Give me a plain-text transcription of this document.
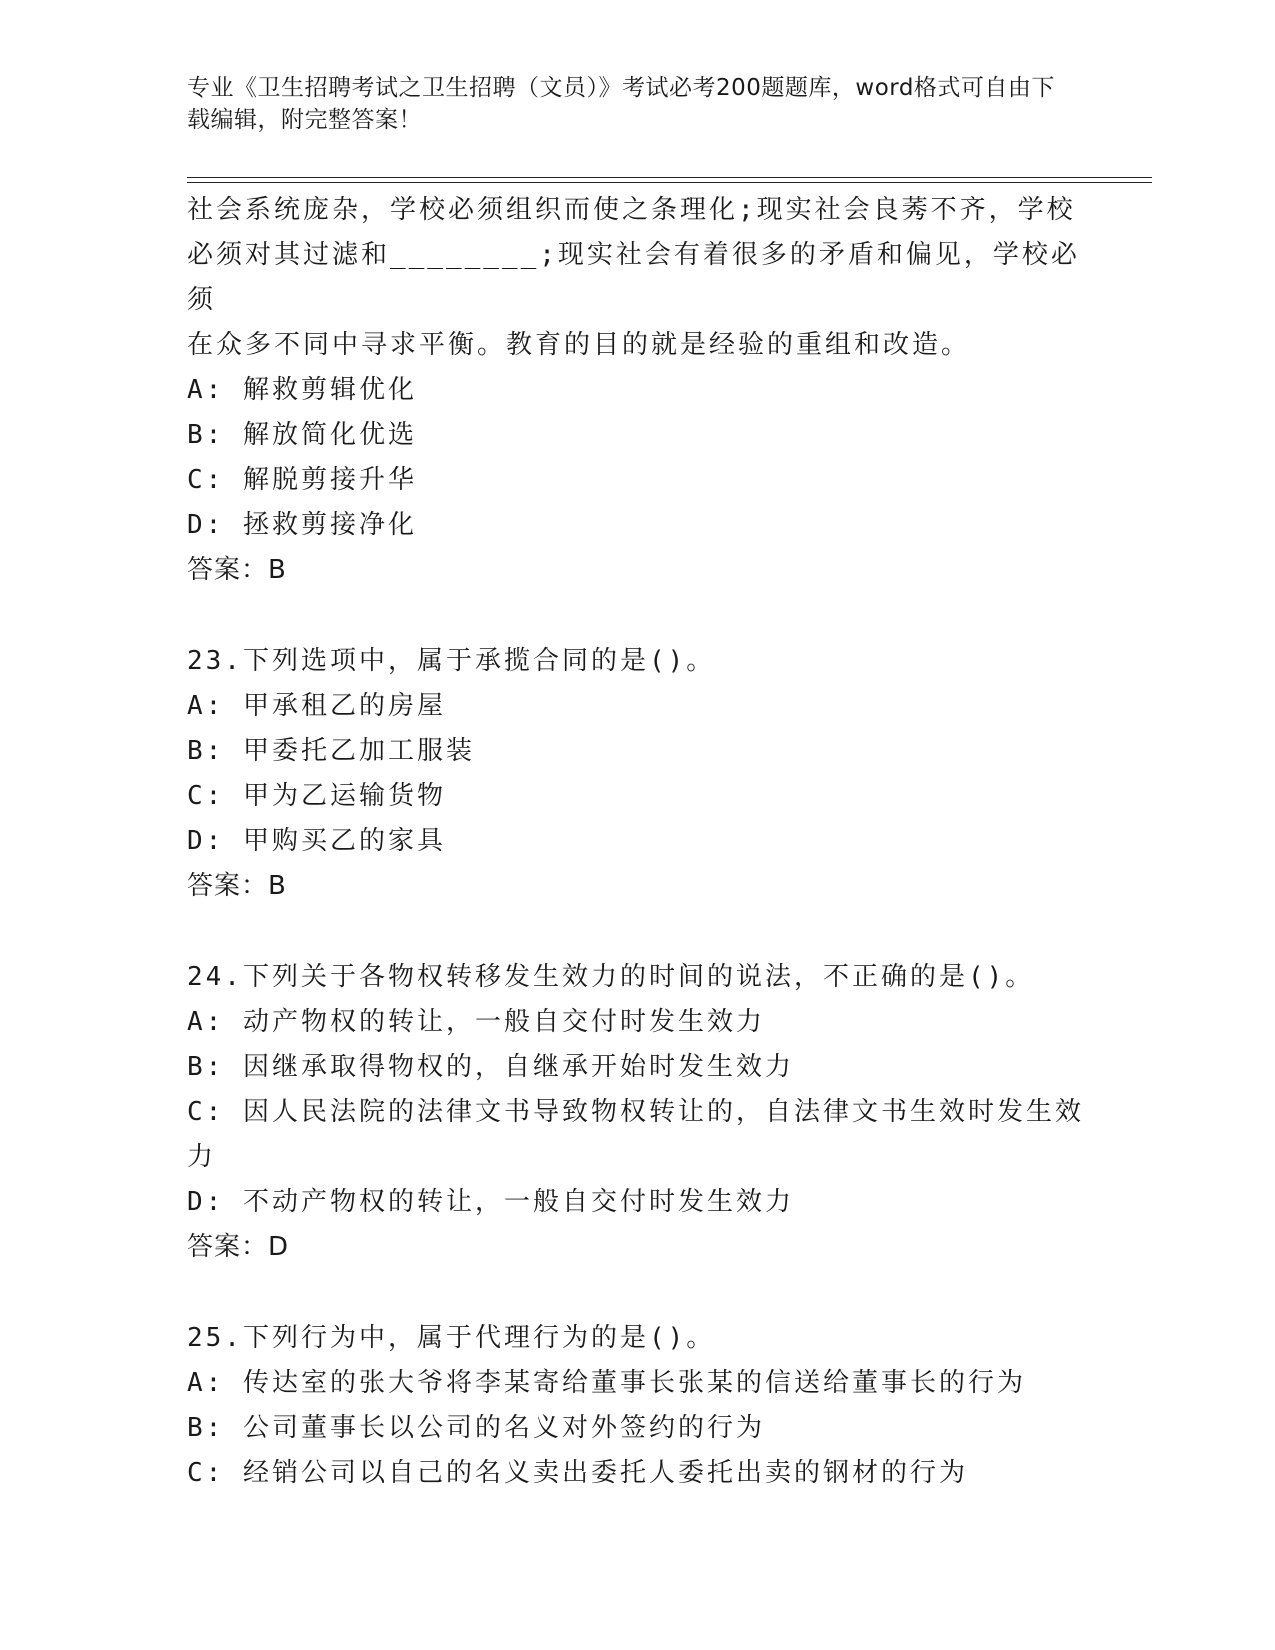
专业《卫生招聘考试之卫生招聘（文员）》考试必考200题题库，word格式可自由下载编辑，附完整答案！
社会系统庞杂，学校必须组织而使之条理化;现实社会良莠不齐，学校
必须对其过滤和________;现实社会有着很多的矛盾和偏见，学校必须
在众多不同中寻求平衡。教育的目的就是经验的重组和改造。
A: 解救剪辑优化
B: 解放简化优选
C: 解脱剪接升华
D: 拯救剪接净化
答案：B
23.下列选项中，属于承揽合同的是()。
A: 甲承租乙的房屋
B: 甲委托乙加工服装
C: 甲为乙运输货物
D: 甲购买乙的家具
答案：B
24.下列关于各物权转移发生效力的时间的说法，不正确的是()。
A: 动产物权的转让，一般自交付时发生效力
B: 因继承取得物权的，自继承开始时发生效力
C: 因人民法院的法律文书导致物权转让的，自法律文书生效时发生效力
D: 不动产物权的转让，一般自交付时发生效力
答案：D
25.下列行为中，属于代理行为的是()。
A: 传达室的张大爷将李某寄给董事长张某的信送给董事长的行为
B: 公司董事长以公司的名义对外签约的行为
C: 经销公司以自己的名义卖出委托人委托出卖的钢材的行为
